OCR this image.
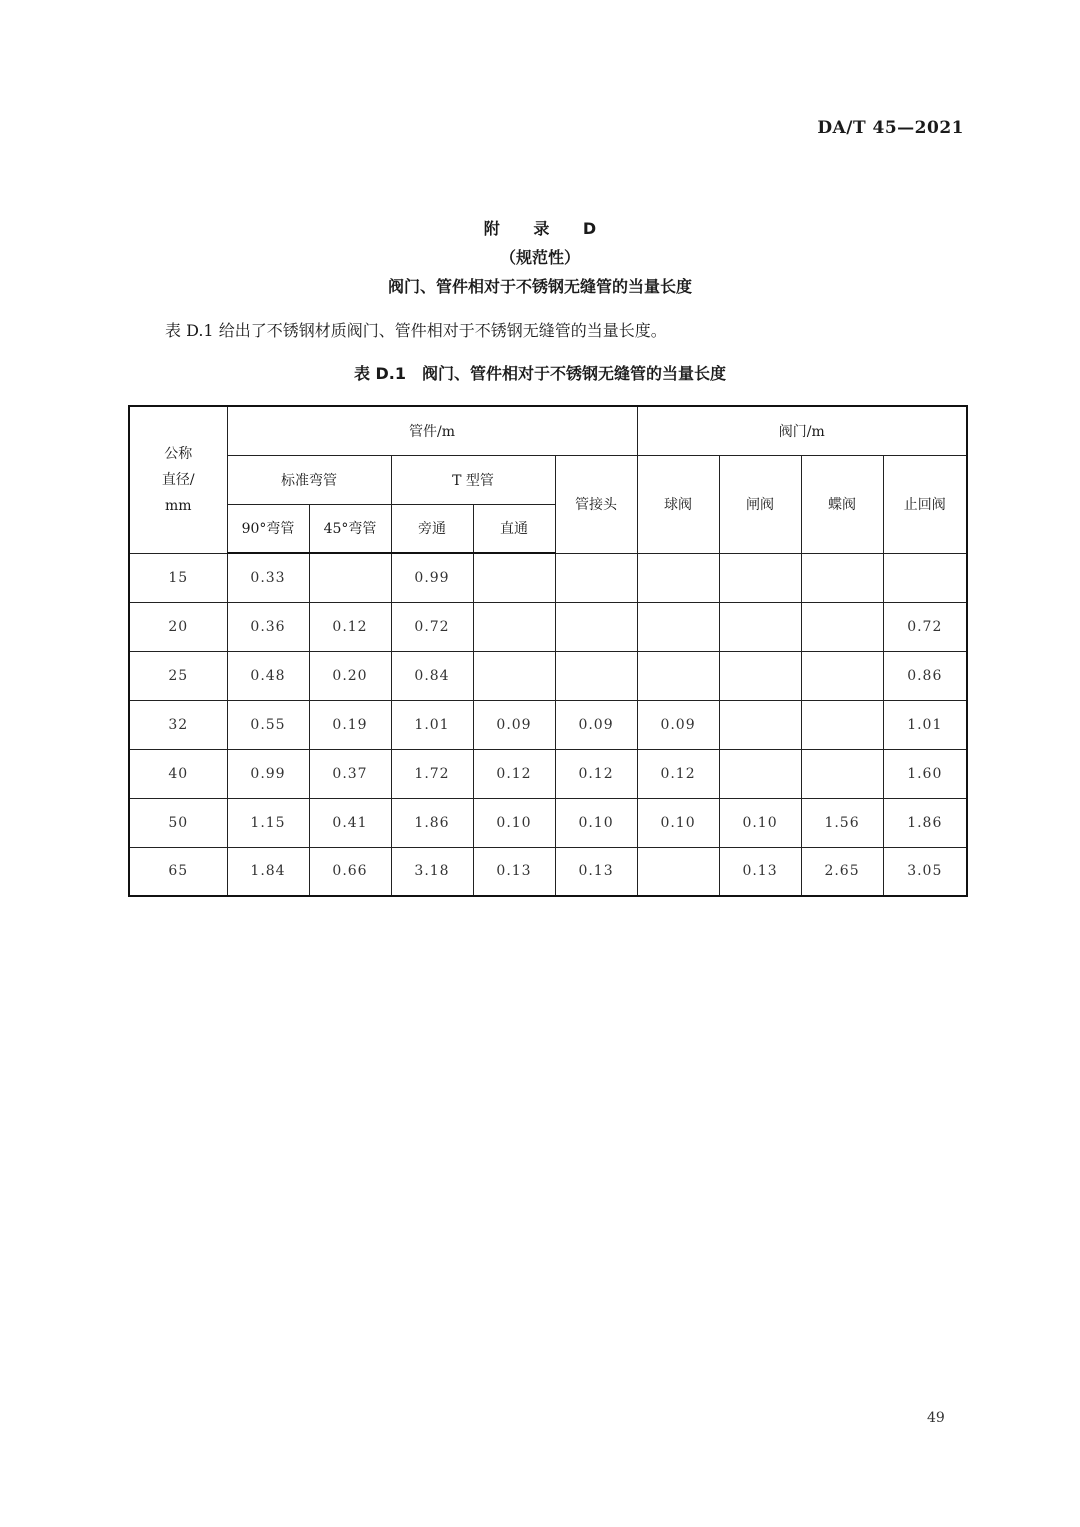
DA/T 45—2021
附 录 D
（规范性）
阀门、管件相对于不锈钢无缝管的当量长度
表 D.1 给出了不锈钢材质阀门、管件相对于不锈钢无缝管的当量长度。
表 D.1　阀门、管件相对于不锈钢无缝管的当量长度
公称
直径/
mm	管件/m					阀门/m			
	标准弯管		T 型管		管接头	球阀	闸阀	蝶阀	止回阀
	90°弯管	45°弯管	旁通	直通					
15	0.33		0.99						
20	0.36	0.12	0.72						0.72
25	0.48	0.20	0.84						0.86
32	0.55	0.19	1.01	0.09	0.09	0.09			1.01
40	0.99	0.37	1.72	0.12	0.12	0.12			1.60
50	1.15	0.41	1.86	0.10	0.10	0.10	0.10	1.56	1.86
65	1.84	0.66	3.18	0.13	0.13		0.13	2.65	3.05
49
